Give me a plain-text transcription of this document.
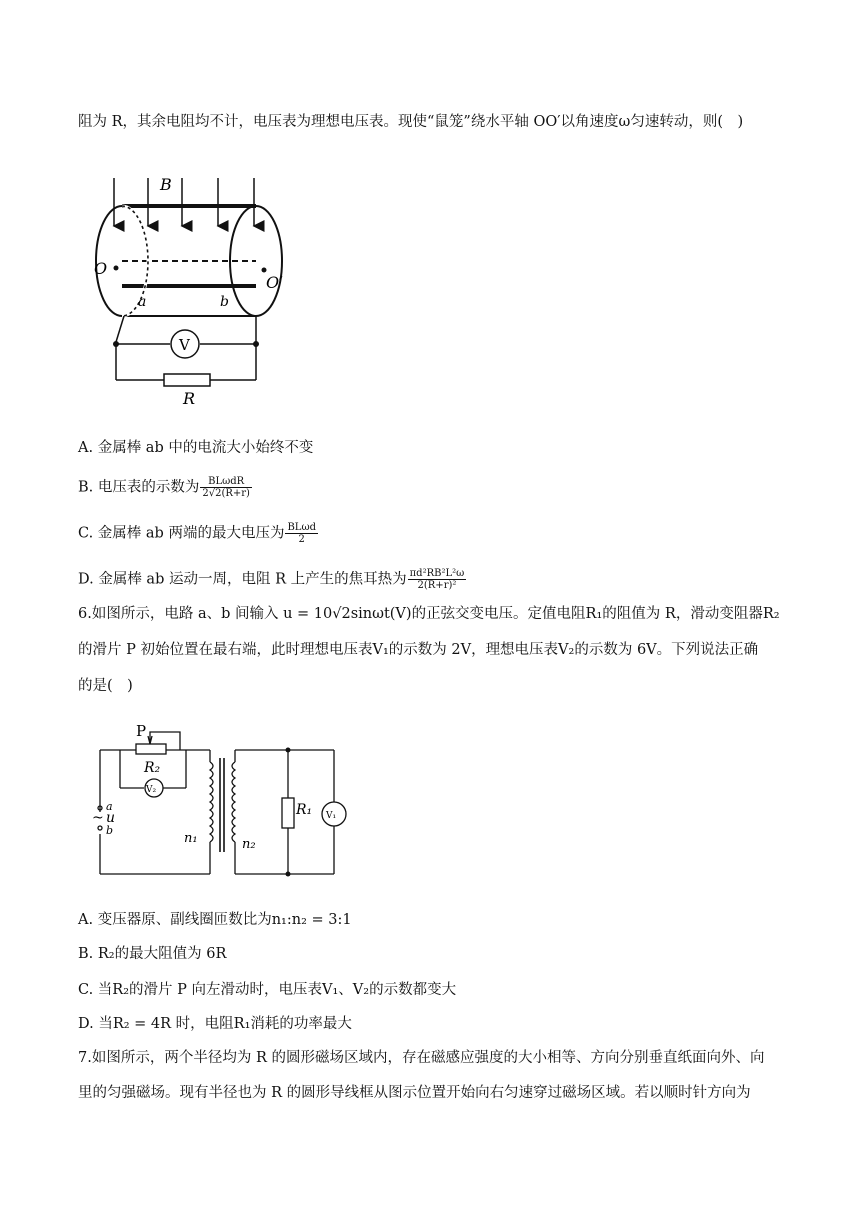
阻为 R，其余电阻均不计，电压表为理想电压表。现使“鼠笼”绕水平轴 OO′以角速度ω匀速转动，则(　)
B
O
O′
a	b
V
R
A. 金属棒 ab 中的电流大小始终不变
B. 电压表的示数为 $\frac{\text{BLωdR}}{2√2(R+r)}$
C. 金属棒 ab 两端的最大电压为 $\frac{\text{BLωd}}{2}$
D. 金属棒 ab 运动一周，电阻 R 上产生的焦耳热为 $\frac{\text{πd²RB²L²ω}}{\text{2(R+r)²}}$
6.如图所示，电路 a、b 间输入 u = 10√2sinωt(V)的正弦交变电压。定值电阻R₁的阻值为 R，滑动变阻器R₂
的滑片 P 初始位置在最右端，此时理想电压表V₁的示数为 2V，理想电压表V₂的示数为 6V。下列说法正确
的是(　)
P
R₂
V₂
a
~ u
b
n₁	n₂
R₁ V₁
A. 变压器原、副线圈匝数比为n₁:n₂ = 3:1
B. R₂的最大阻值为 6R
C. 当R₂的滑片 P 向左滑动时，电压表V₁、V₂的示数都变大
D. 当R₂ = 4R 时，电阻R₁消耗的功率最大
7.如图所示，两个半径均为 R 的圆形磁场区域内，存在磁感应强度的大小相等、方向分别垂直纸面向外、向
里的匀强磁场。现有半径也为 R 的圆形导线框从图示位置开始向右匀速穿过磁场区域。若以顺时针方向为
